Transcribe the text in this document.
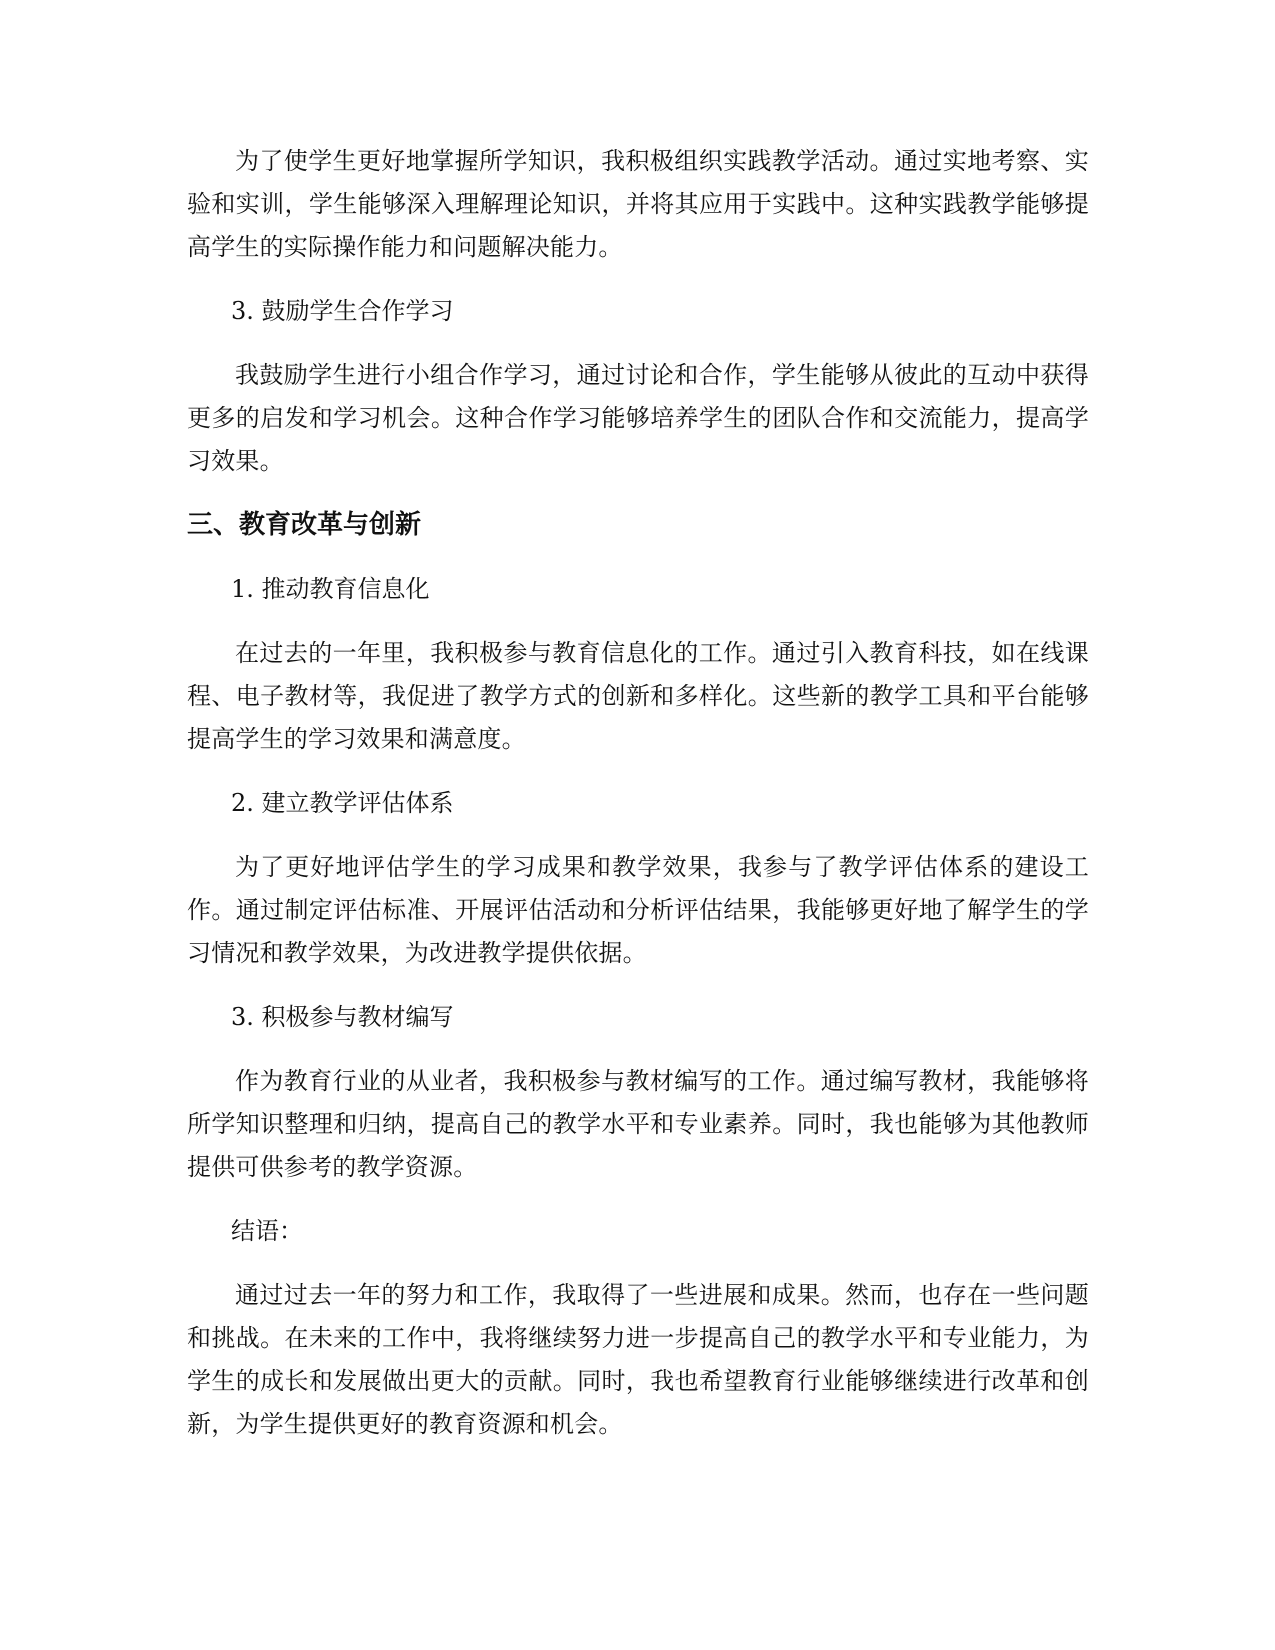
为了使学生更好地掌握所学知识，我积极组织实践教学活动。通过实地考察、实验和实训，学生能够深入理解理论知识，并将其应用于实践中。这种实践教学能够提高学生的实际操作能力和问题解决能力。

3. 鼓励学生合作学习

我鼓励学生进行小组合作学习，通过讨论和合作，学生能够从彼此的互动中获得更多的启发和学习机会。这种合作学习能够培养学生的团队合作和交流能力，提高学习效果。

三、教育改革与创新

1. 推动教育信息化

在过去的一年里，我积极参与教育信息化的工作。通过引入教育科技，如在线课程、电子教材等，我促进了教学方式的创新和多样化。这些新的教学工具和平台能够提高学生的学习效果和满意度。

2. 建立教学评估体系

为了更好地评估学生的学习成果和教学效果，我参与了教学评估体系的建设工作。通过制定评估标准、开展评估活动和分析评估结果，我能够更好地了解学生的学习情况和教学效果，为改进教学提供依据。

3. 积极参与教材编写

作为教育行业的从业者，我积极参与教材编写的工作。通过编写教材，我能够将所学知识整理和归纳，提高自己的教学水平和专业素养。同时，我也能够为其他教师提供可供参考的教学资源。

结语：

通过过去一年的努力和工作，我取得了一些进展和成果。然而，也存在一些问题和挑战。在未来的工作中，我将继续努力进一步提高自己的教学水平和专业能力，为学生的成长和发展做出更大的贡献。同时，我也希望教育行业能够继续进行改革和创新，为学生提供更好的教育资源和机会。
